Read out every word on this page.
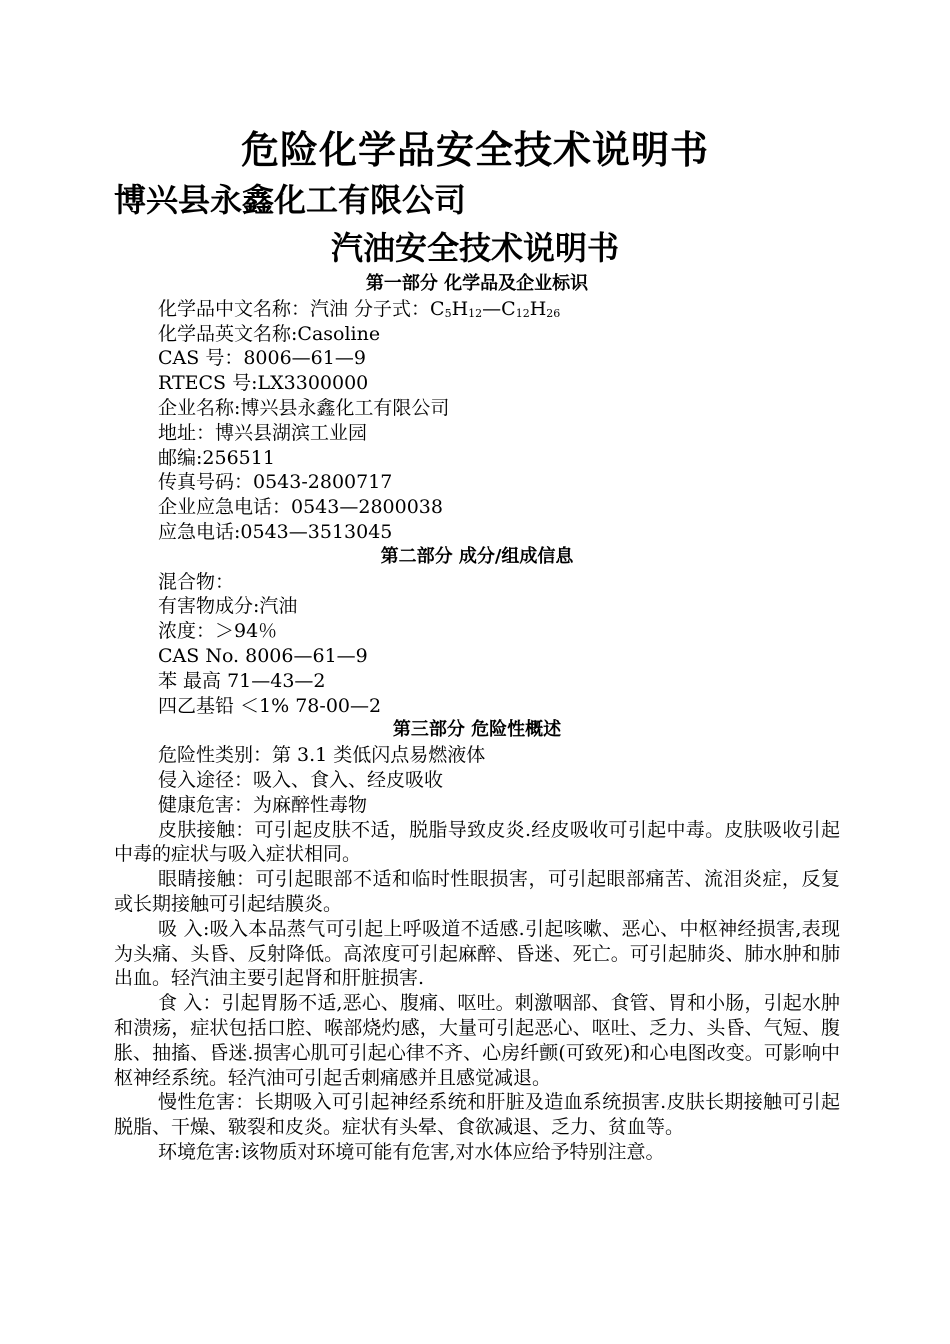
危险化学品安全技术说明书
博兴县永鑫化工有限公司
汽油安全技术说明书
第一部分 化学品及企业标识
化学品中文名称：汽油 分子式：$C_5H_{12}—C_{12}H_{26}$
化学品英文名称:Casoline
CAS 号：8006—61—9
RTECS 号:LX3300000
企业名称:博兴县永鑫化工有限公司
地址：博兴县湖滨工业园
邮编:256511
传真号码：0543-2800717
企业应急电话：0543—2800038
应急电话:0543—3513045
第二部分 成分/组成信息
混合物：
有害物成分:汽油
浓度：＞94％
CAS No. 8006—61—9
苯 最高 71—43—2
四乙基铅 ＜1% 78-00—2
第三部分 危险性概述
危险性类别：第 3.1 类低闪点易燃液体
侵入途径：吸入、食入、经皮吸收
健康危害：为麻醉性毒物
皮肤接触：可引起皮肤不适，脱脂导致皮炎.经皮吸收可引起中毒。皮肤吸收引起中毒的症状与吸入症状相同。
眼睛接触：可引起眼部不适和临时性眼损害，可引起眼部痛苦、流泪炎症，反复或长期接触可引起结膜炎。
吸 入:吸入本品蒸气可引起上呼吸道不适感.引起咳嗽、恶心、中枢神经损害,表现为头痛、头昏、反射降低。高浓度可引起麻醉、昏迷、死亡。可引起肺炎、肺水肿和肺出血。轻汽油主要引起肾和肝脏损害.
食 入：引起胃肠不适,恶心、腹痛、呕吐。刺激咽部、食管、胃和小肠，引起水肿和溃疡，症状包括口腔、喉部烧灼感，大量可引起恶心、呕吐、乏力、头昏、气短、腹胀、抽搐、昏迷.损害心肌可引起心律不齐、心房纤颤(可致死)和心电图改变。可影响中枢神经系统。轻汽油可引起舌刺痛感并且感觉减退。
慢性危害：长期吸入可引起神经系统和肝脏及造血系统损害.皮肤长期接触可引起脱脂、干燥、皲裂和皮炎。症状有头晕、食欲减退、乏力、贫血等。
环境危害:该物质对环境可能有危害,对水体应给予特别注意。
